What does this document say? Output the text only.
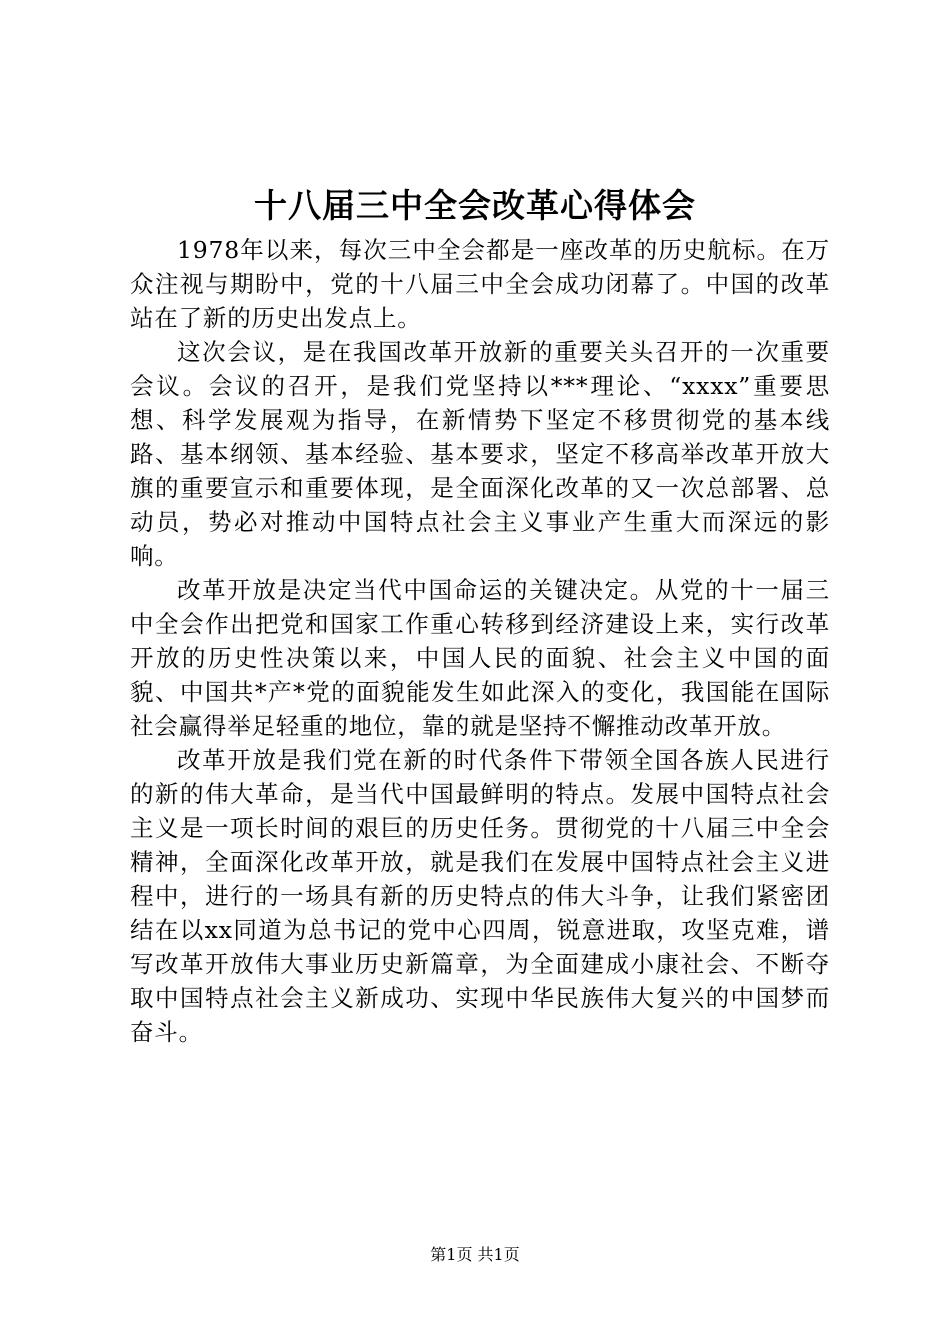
十八届三中全会改革心得体会

1978年以来，每次三中全会都是一座改革的历史航标。在万众注视与期盼中，党的十八届三中全会成功闭幕了。中国的改革站在了新的历史出发点上。

这次会议，是在我国改革开放新的重要关头召开的一次重要会议。会议的召开，是我们党坚持以***理论、“xxxx”重要思想、科学发展观为指导，在新情势下坚定不移贯彻党的基本线路、基本纲领、基本经验、基本要求，坚定不移高举改革开放大旗的重要宣示和重要体现，是全面深化改革的又一次总部署、总动员，势必对推动中国特点社会主义事业产生重大而深远的影响。

改革开放是决定当代中国命运的关键决定。从党的十一届三中全会作出把党和国家工作重心转移到经济建设上来，实行改革开放的历史性决策以来，中国人民的面貌、社会主义中国的面貌、中国共*产*党的面貌能发生如此深入的变化，我国能在国际社会赢得举足轻重的地位，靠的就是坚持不懈推动改革开放。

改革开放是我们党在新的时代条件下带领全国各族人民进行的新的伟大革命，是当代中国最鲜明的特点。发展中国特点社会主义是一项长时间的艰巨的历史任务。贯彻党的十八届三中全会精神，全面深化改革开放，就是我们在发展中国特点社会主义进程中，进行的一场具有新的历史特点的伟大斗争，让我们紧密团结在以xx同道为总书记的党中心四周，锐意进取，攻坚克难，谱写改革开放伟大事业历史新篇章，为全面建成小康社会、不断夺取中国特点社会主义新成功、实现中华民族伟大复兴的中国梦而奋斗。

第1页 共1页
